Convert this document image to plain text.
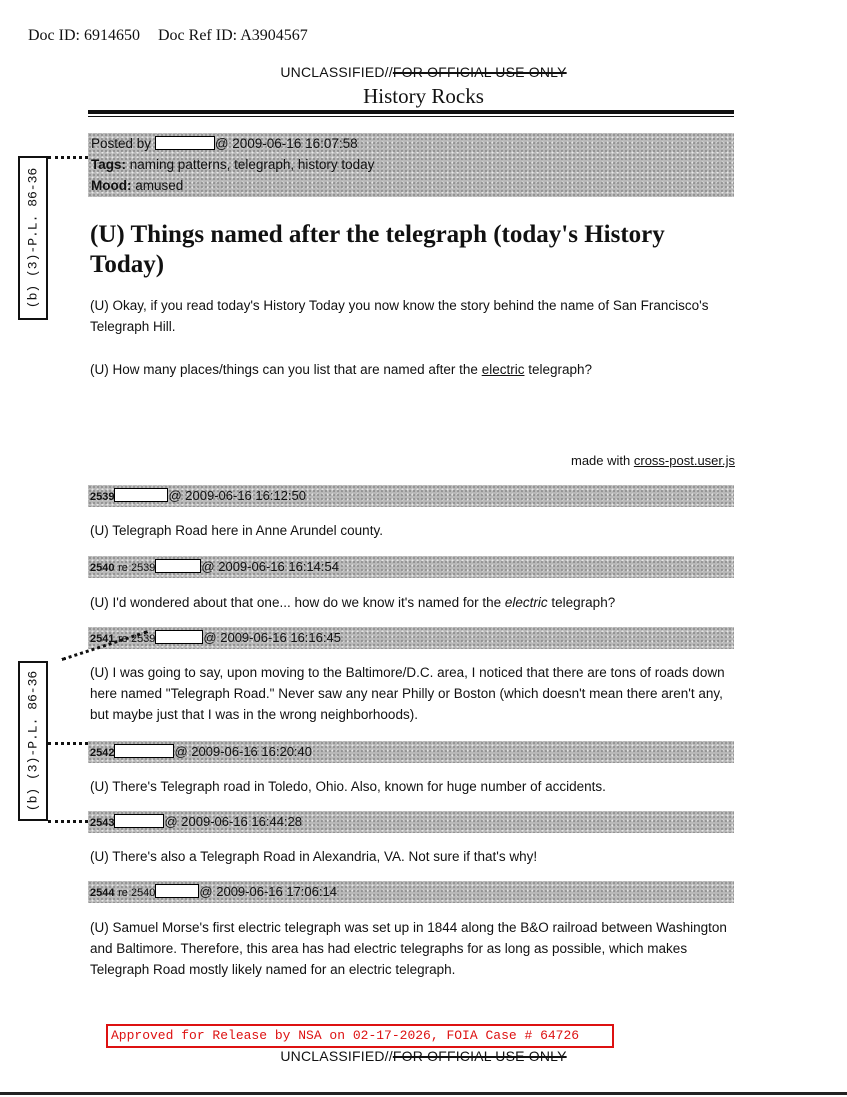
Doc ID: 6914650 Doc Ref ID: A3904567
UNCLASSIFIED//FOR OFFICIAL USE ONLY
History Rocks
Posted by	@ 2009-06-16 16:07:58
Tags: naming patterns, telegraph, history today
Mood: amused
(U) Things named after the telegraph (today's History Today)
(U) Okay, if you read today's History Today you now know the story behind the name of San Francisco's Telegraph Hill.
(U) How many places/things can you list that are named after the electric telegraph?
made with cross-post.user.js
2539	@ 2009-06-16 16:12:50
(U) Telegraph Road here in Anne Arundel county.
2540 re 2539	@ 2009-06-16 16:14:54
(U) I'd wondered about that one... how do we know it's named for the electric telegraph?
2541 re 2539	@ 2009-06-16 16:16:45
(U) I was going to say, upon moving to the Baltimore/D.C. area, I noticed that there are tons of roads down here named "Telegraph Road." Never saw any near Philly or Boston (which doesn't mean there aren't any, but maybe just that I was in the wrong neighborhoods).
2542	@ 2009-06-16 16:20:40
(U) There's Telegraph road in Toledo, Ohio. Also, known for huge number of accidents.
2543	@ 2009-06-16 16:44:28
(U) There's also a Telegraph Road in Alexandria, VA. Not sure if that's why!
2544 re 2540	@ 2009-06-16 17:06:14
(U) Samuel Morse's first electric telegraph was set up in 1844 along the B&O railroad between Washington and Baltimore. Therefore, this area has had electric telegraphs for as long as possible, which makes Telegraph Road mostly likely named for an electric telegraph.
(b) (3)-P.L. 86-36
(b) (3)-P.L. 86-36
Approved for Release by NSA on 02-17-2026, FOIA Case # 64726
UNCLASSIFIED//FOR OFFICIAL USE ONLY
